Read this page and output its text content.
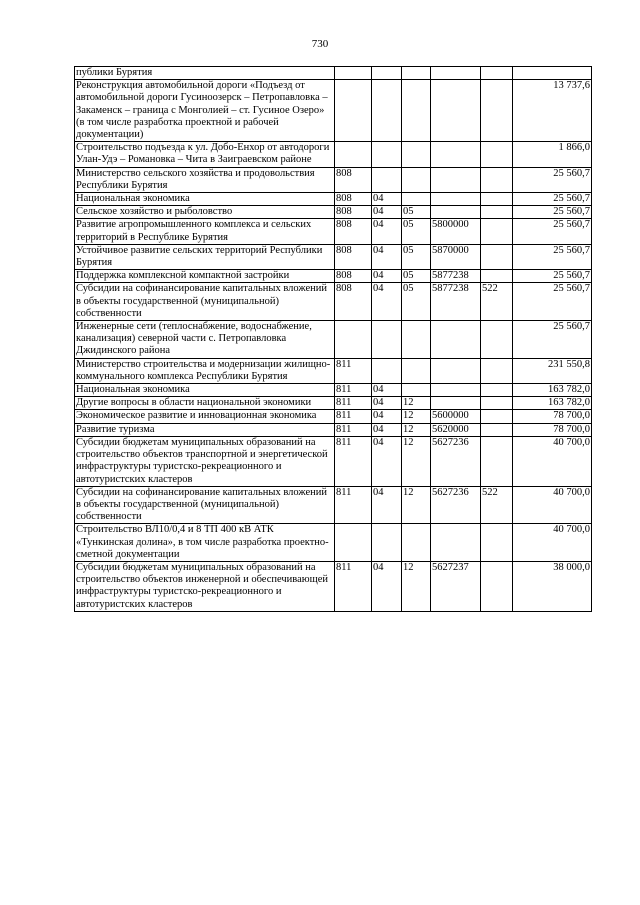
730
публики Бурятия						
Реконструкция автомобильной дороги «Подъезд от автомобильной дороги Гусиноозерск – Петропавловка – Закаменск – граница с Монголией – ст. Гусиное Озеро» (в том числе разработка проектной и рабочей документации)						13 737,6
Строительство подъезда к ул. Добо-Енхор от автодороги Улан-Удэ – Романовка – Чита в Заиграевском районе						1 866,0
Министерство сельского хозяйства и продовольствия Республики Бурятия	808					25 560,7
Национальная экономика	808	04				25 560,7
Сельское хозяйство и рыболовство	808	04	05			25 560,7
Развитие агропромышленного комплекса и сельских территорий в Республике Бурятия	808	04	05	5800000		25 560,7
Устойчивое развитие сельских территорий Республики Бурятия	808	04	05	5870000		25 560,7
Поддержка комплексной компактной застройки	808	04	05	5877238		25 560,7
Субсидии на софинансирование капитальных вложений в объекты государственной (муниципальной) собственности	808	04	05	5877238	522	25 560,7
Инженерные сети (теплоснабжение, водоснабжение, канализация) северной части с. Петропавловка Джидинского района						25 560,7
Министерство строительства и модернизации жилищно-коммунального комплекса Республики Бурятия	811					231 550,8
Национальная экономика	811	04				163 782,0
Другие вопросы в области национальной экономики	811	04	12			163 782,0
Экономическое развитие и инновационная экономика	811	04	12	5600000		78 700,0
Развитие туризма	811	04	12	5620000		78 700,0
Субсидии бюджетам муниципальных образований на строительство объектов транспортной и энергетической инфраструктуры туристско-рекреационного и автотуристских кластеров	811	04	12	5627236		40 700,0
Субсидии на софинансирование капитальных вложений в объекты государственной (муниципальной) собственности	811	04	12	5627236	522	40 700,0
Строительство ВЛ10/0,4 и 8 ТП 400 кВ АТК «Тункинская долина», в том числе разработка проектно-сметной документации						40 700,0
Субсидии бюджетам муниципальных образований на строительство объектов инженерной и обеспечивающей инфраструктуры туристско-рекреационного и автотуристских кластеров	811	04	12	5627237		38 000,0
